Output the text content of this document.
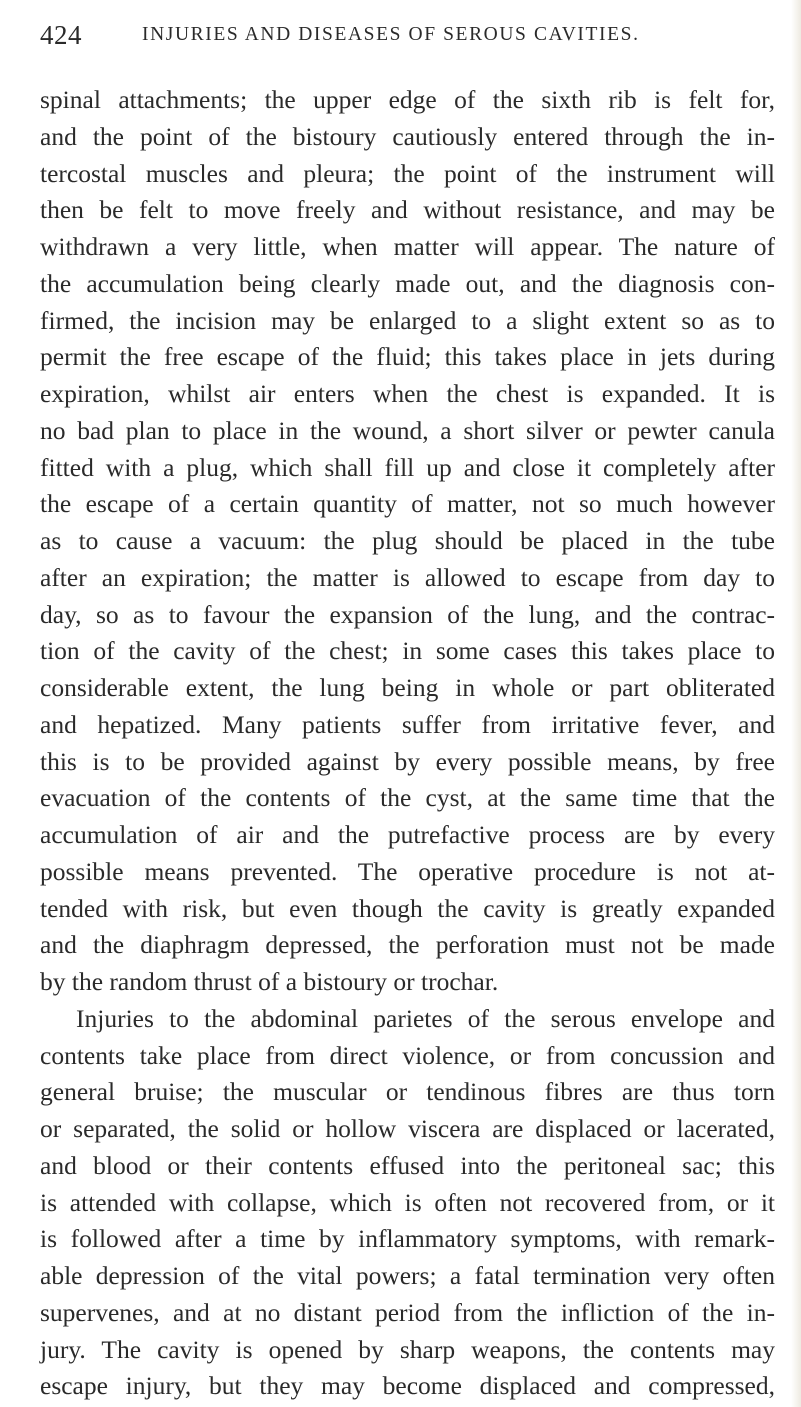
424	INJURIES AND DISEASES OF SEROUS CAVITIES.
spinal attachments; the upper edge of the sixth rib is felt for,
and the point of the bistoury cautiously entered through the in-
tercostal muscles and pleura; the point of the instrument will
then be felt to move freely and without resistance, and may be
withdrawn a very little, when matter will appear. The nature of
the accumulation being clearly made out, and the diagnosis con-
firmed, the incision may be enlarged to a slight extent so as to
permit the free escape of the fluid; this takes place in jets during
expiration, whilst air enters when the chest is expanded. It is
no bad plan to place in the wound, a short silver or pewter canula
fitted with a plug, which shall fill up and close it completely after
the escape of a certain quantity of matter, not so much however
as to cause a vacuum: the plug should be placed in the tube
after an expiration; the matter is allowed to escape from day to
day, so as to favour the expansion of the lung, and the contrac-
tion of the cavity of the chest; in some cases this takes place to
considerable extent, the lung being in whole or part obliterated
and hepatized. Many patients suffer from irritative fever, and
this is to be provided against by every possible means, by free
evacuation of the contents of the cyst, at the same time that the
accumulation of air and the putrefactive process are by every
possible means prevented. The operative procedure is not at-
tended with risk, but even though the cavity is greatly expanded
and the diaphragm depressed, the perforation must not be made
by the random thrust of a bistoury or trochar.
Injuries to the abdominal parietes of the serous envelope and
contents take place from direct violence, or from concussion and
general bruise; the muscular or tendinous fibres are thus torn
or separated, the solid or hollow viscera are displaced or lacerated,
and blood or their contents effused into the peritoneal sac; this
is attended with collapse, which is often not recovered from, or it
is followed after a time by inflammatory symptoms, with remark-
able depression of the vital powers; a fatal termination very often
supervenes, and at no distant period from the infliction of the in-
jury. The cavity is opened by sharp weapons, the contents may
escape injury, but they may become displaced and compressed,
